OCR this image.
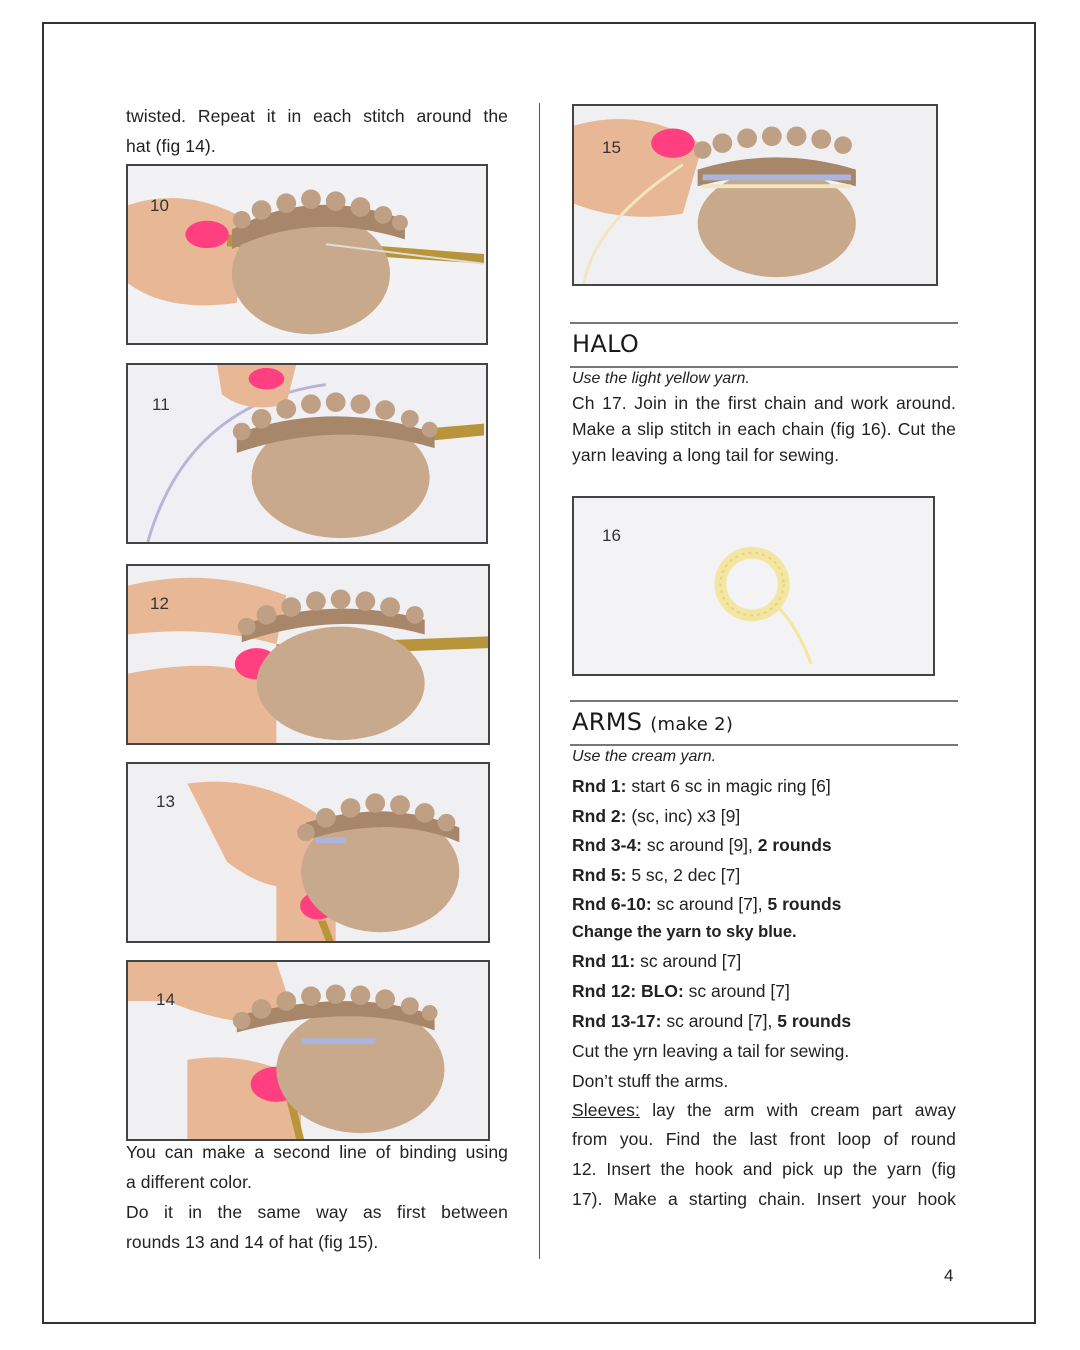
twisted. Repeat it in each stitch around the
hat (fig 14).
10
11
12
13
14
You can make a second line of binding using
a different color.
Do it in the same way as first between
rounds 13 and 14 of hat (fig 15).
15
HALO
Use the light yellow yarn.
Ch 17. Join in the first chain and work around. Make a slip stitch in each chain (fig 16). Cut the yarn leaving a long tail for sewing.
16
ARMS (make 2)
Use the cream yarn.
Rnd 1: start 6 sc in magic ring [6]
Rnd 2: (sc, inc) x3 [9]
Rnd 3-4: sc around [9], 2 rounds
Rnd 5: 5 sc, 2 dec [7]
Rnd 6-10: sc around [7], 5 rounds
Change the yarn to sky blue.
Rnd 11: sc around [7]
Rnd 12: BLO: sc around [7]
Rnd 13-17: sc around [7], 5 rounds
Cut the yrn leaving a tail for sewing.
Don’t stuff the arms.
Sleeves: lay the arm with cream part away
from you. Find the last front loop of round
12. Insert the hook and pick up the yarn (fig
17). Make a starting chain. Insert your hook
4
